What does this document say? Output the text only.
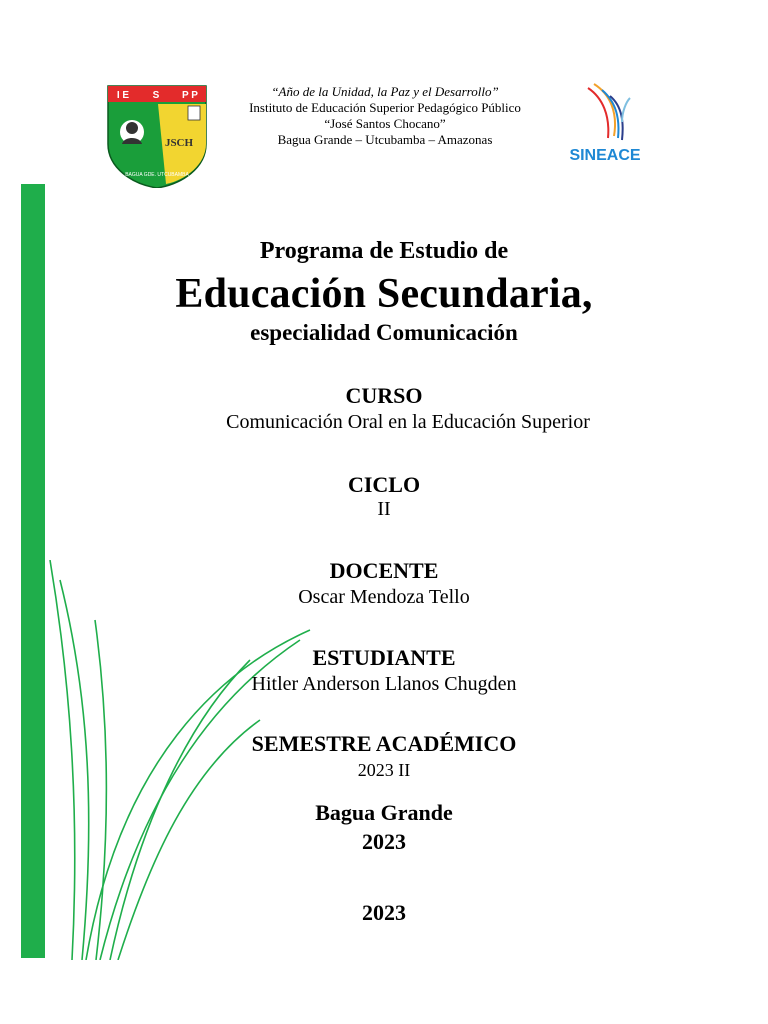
I E S P P
JSCH
BAGUA GDE. UTCUBAMBA
“Año de la Unidad, la Paz y el Desarrollo”
Instituto de Educación Superior Pedagógico Público
“José Santos Chocano”
Bagua Grande – Utcubamba – Amazonas
SINEACE
Programa de Estudio de
Educación Secundaria,
especialidad Comunicación
CURSO
Comunicación Oral en la Educación Superior
CICLO
II
DOCENTE
Oscar Mendoza Tello
ESTUDIANTE
Hitler Anderson Llanos Chugden
SEMESTRE ACADÉMICO
2023 II
Bagua Grande
2023
2023
